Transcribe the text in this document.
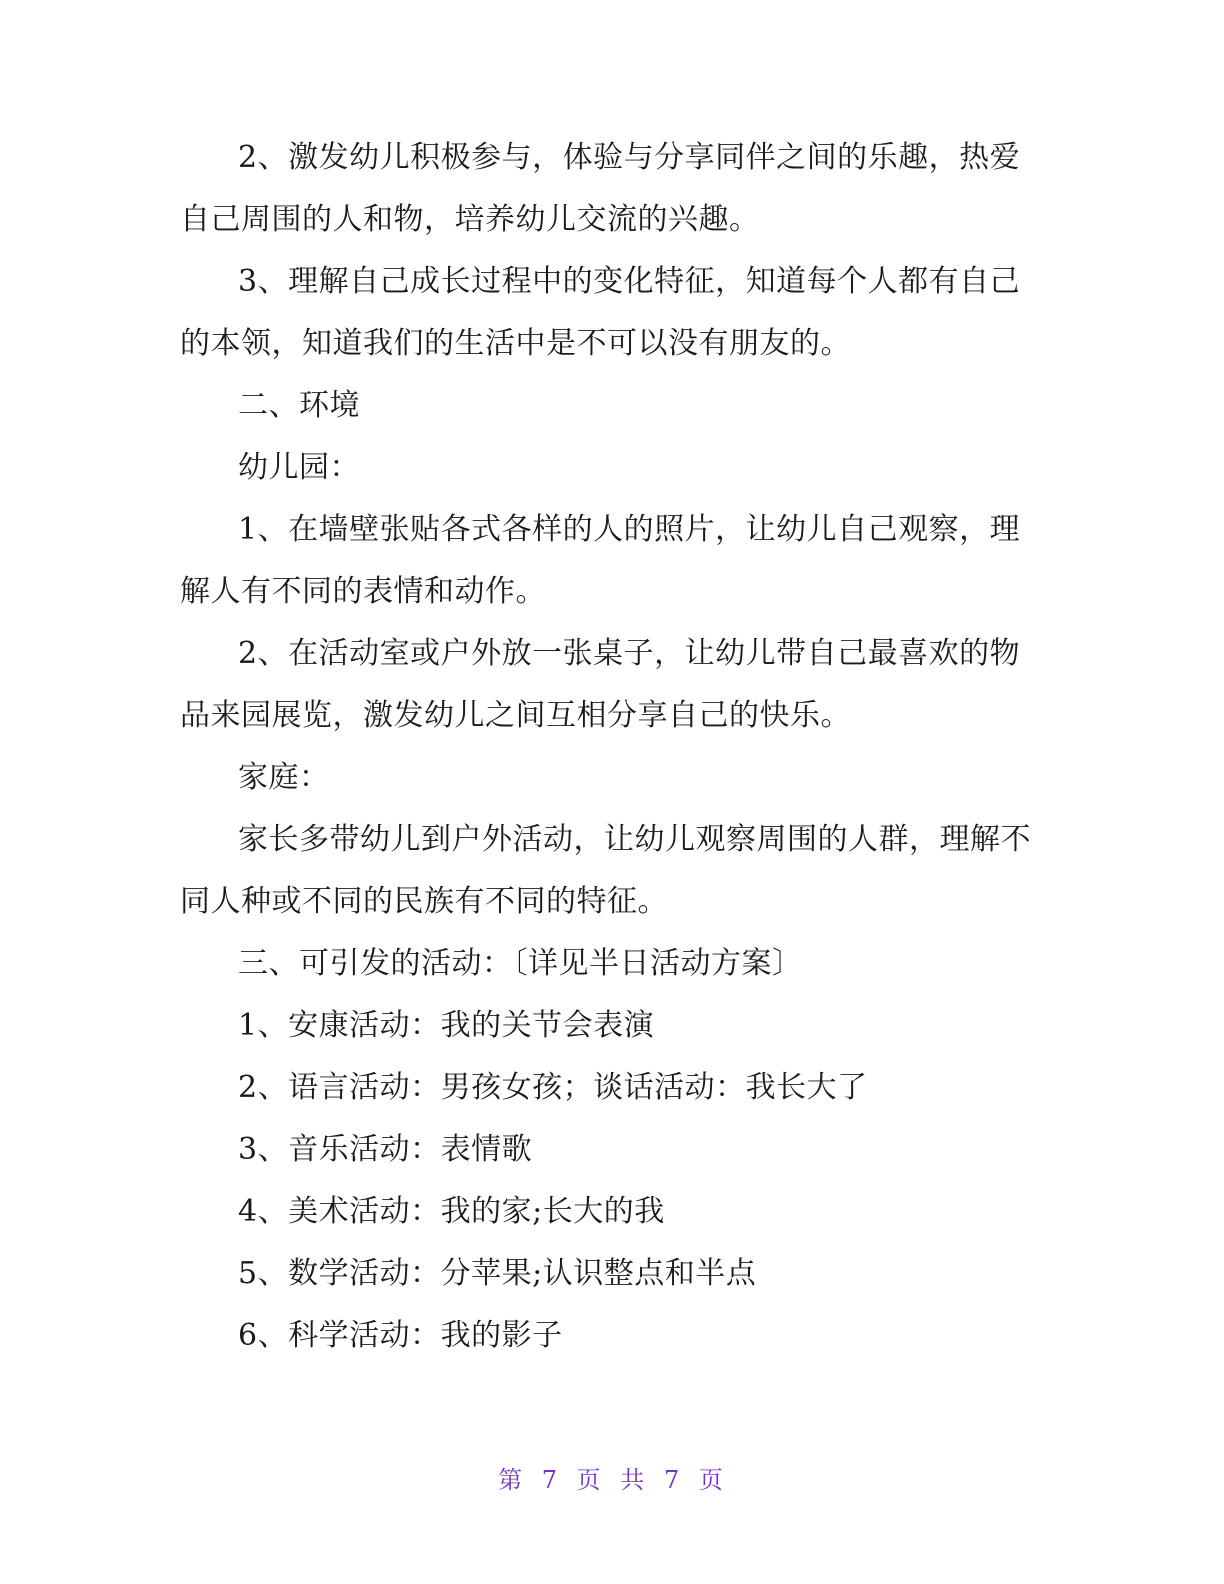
2、激发幼儿积极参与，体验与分享同伴之间的乐趣，热爱自己周围的人和物，培养幼儿交流的兴趣。

3、理解自己成长过程中的变化特征，知道每个人都有自己的本领，知道我们的生活中是不可以没有朋友的。

二、环境

幼儿园：

1、在墙壁张贴各式各样的人的照片，让幼儿自己观察，理解人有不同的表情和动作。

2、在活动室或户外放一张桌子，让幼儿带自己最喜欢的物品来园展览，激发幼儿之间互相分享自己的快乐。

家庭：

家长多带幼儿到户外活动，让幼儿观察周围的人群，理解不同人种或不同的民族有不同的特征。

三、可引发的活动：〔详见半日活动方案〕

1、安康活动：我的关节会表演

2、语言活动：男孩女孩；谈话活动：我长大了

3、音乐活动：表情歌

4、美术活动：我的家;长大的我

5、数学活动：分苹果;认识整点和半点

6、科学活动：我的影子

第 7 页 共 7 页
